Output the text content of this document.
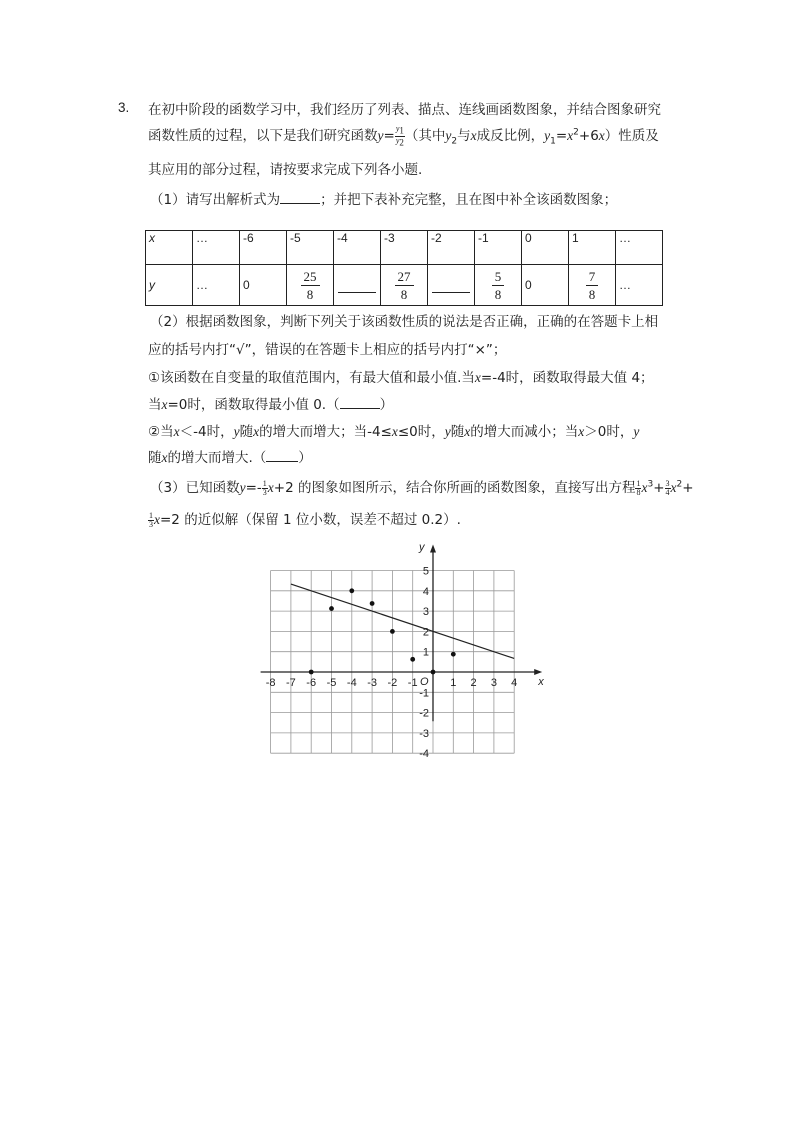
3. 在初中阶段的函数学习中，我们经历了列表、描点、连线画函数图象，并结合图象研究
函数性质的过程，以下是我们研究函数$y= \frac{y_1}{y_2}$ （其中$y_2$与x成反比例，$y_1=x^2+6x$）性质及
其应用的部分过程，请按要求完成下列各小题.
（1）请写出解析式为	；并把下表补充完整，且在图中补全该函数图象；
x	…	-6	-5	-4	-3	-2	-1	0	1	…
y	…	0	$\frac{25}{8}$		$\frac{27}{8}$		$\frac{5}{8}$	0	$\frac{7}{8}$	…
（2）根据函数图象，判断下列关于该函数性质的说法是否正确，正确的在答题卡上相
应的括号内打“√”，错误的在答题卡上相应的括号内打“×”；
①该函数在自变量的取值范围内，有最大值和最小值.当x=-4时，函数取得最大值 4；
当x=0时，函数取得最小值 0.（	）
②当x＜-4时，y随x的增大而增大；当-4≤x≤0时，y随x的增大而减小；当x＞0时，y
随x的增大而增大.（ ）
（3）已知函数$y=- \frac{1}{3} x+2$ 的图象如图所示，结合你所画的函数图象，直接写出方程 $\frac{1}{8} x^3+ \frac{3}{4} x^2+$
$\frac{1}{3} x=2$ 的近似解（保留 1 位小数，误差不超过 0.2）.
x
y
O
-8 -7 -6 -5 -4 -3 -2 -1	1 2 3 4
5
4
3
2
1
-1
-2
-3
-4
